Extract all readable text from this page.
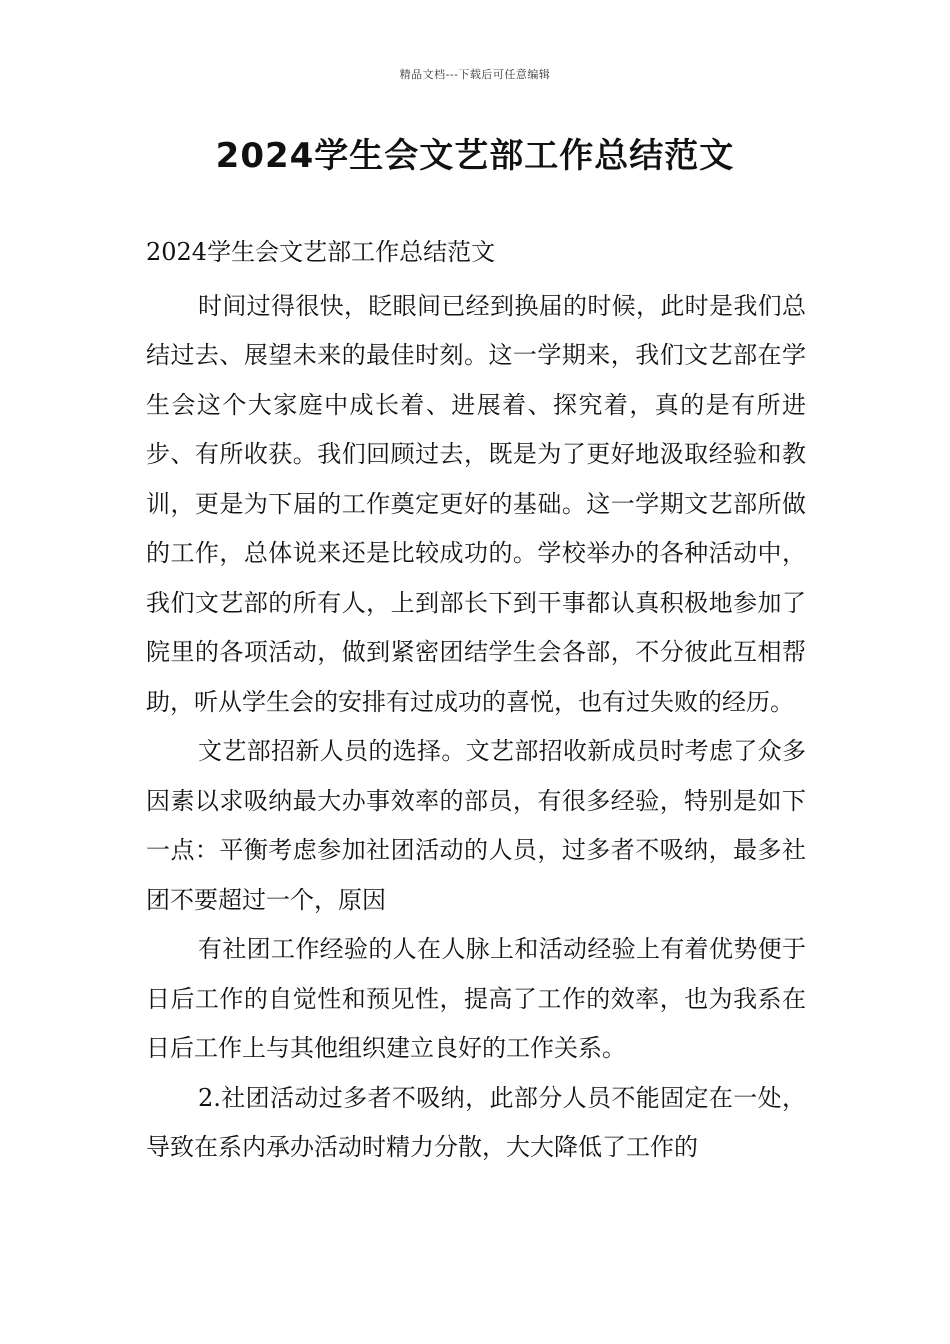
精品文档---下载后可任意编辑
2024学生会文艺部工作总结范文

2024学生会文艺部工作总结范文

时间过得很快，眨眼间已经到换届的时候，此时是我们总结过去、展望未来的最佳时刻。这一学期来，我们文艺部在学生会这个大家庭中成长着、进展着、探究着，真的是有所进步、有所收获。我们回顾过去，既是为了更好地汲取经验和教训，更是为下届的工作奠定更好的基础。这一学期文艺部所做的工作，总体说来还是比较成功的。学校举办的各种活动中，我们文艺部的所有人，上到部长下到干事都认真积极地参加了院里的各项活动，做到紧密团结学生会各部，不分彼此互相帮助，听从学生会的安排有过成功的喜悦，也有过失败的经历。

文艺部招新人员的选择。文艺部招收新成员时考虑了众多因素以求吸纳最大办事效率的部员，有很多经验，特别是如下一点：平衡考虑参加社团活动的人员，过多者不吸纳，最多社团不要超过一个，原因

有社团工作经验的人在人脉上和活动经验上有着优势便于日后工作的自觉性和预见性，提高了工作的效率，也为我系在日后工作上与其他组织建立良好的工作关系。

2.社团活动过多者不吸纳，此部分人员不能固定在一处，导致在系内承办活动时精力分散，大大降低了工作的
